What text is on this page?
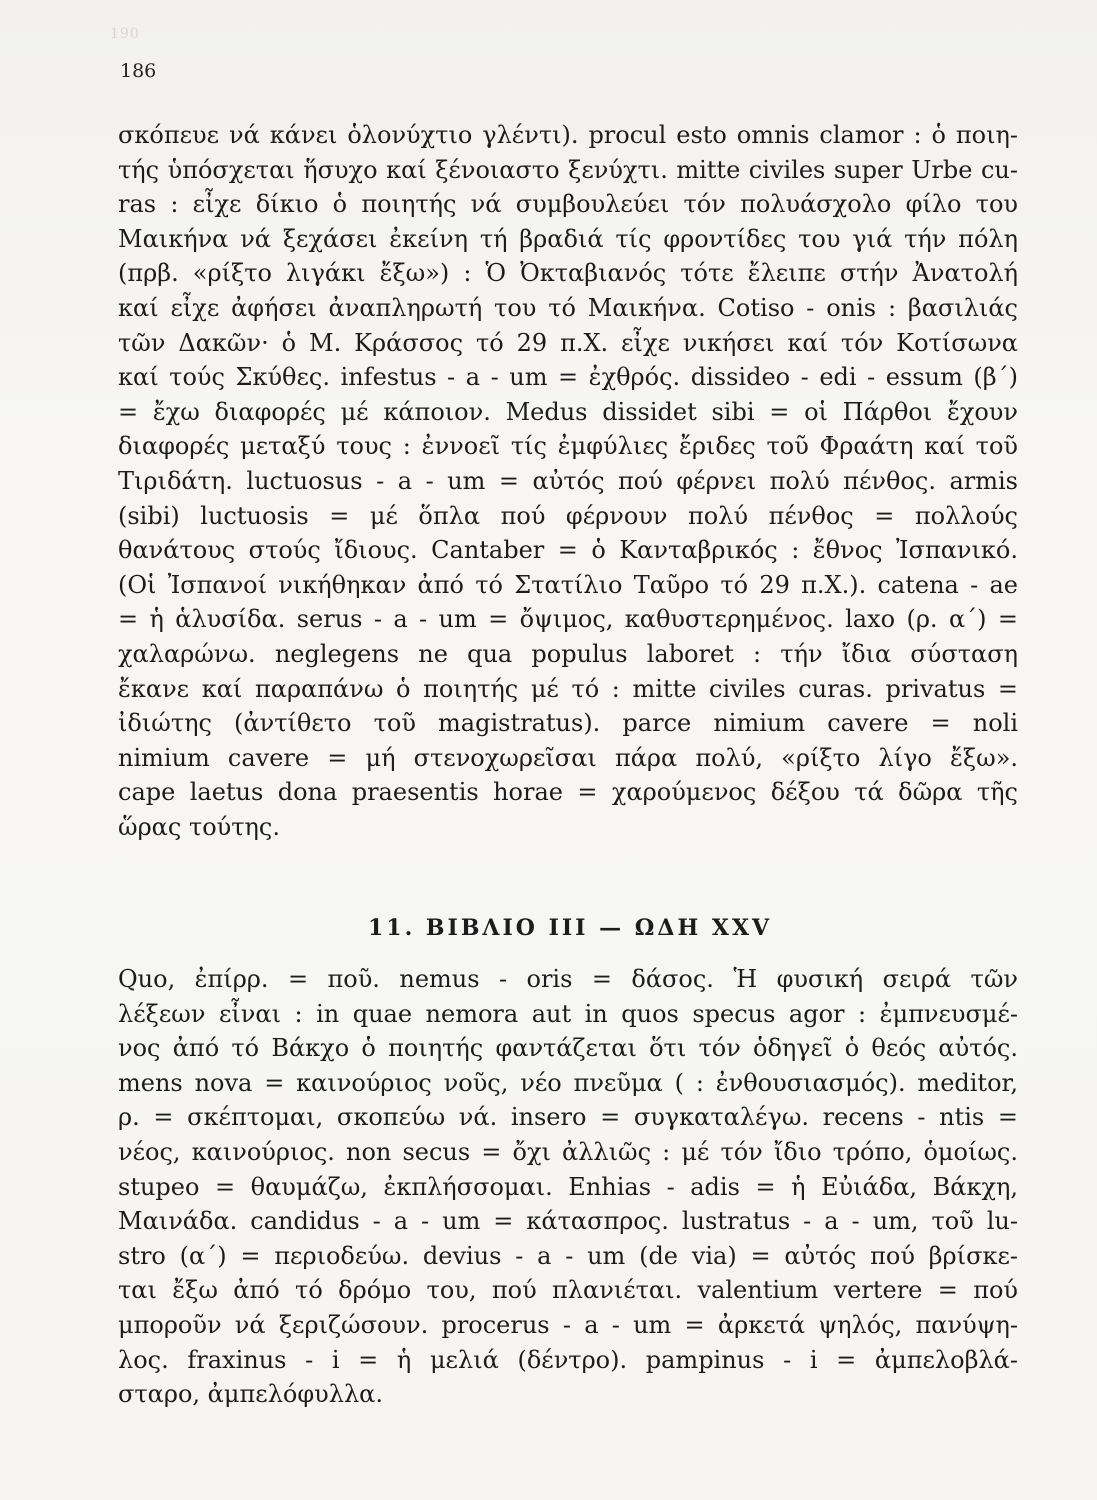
190
186
σκόπευε νά κάνει ὁλονύχτιο γλέντι). procul esto omnis clamor : ὁ ποιη-
τής ὑπόσχεται ἥσυχο καί ξένοιαστο ξενύχτι. mitte civiles super Urbe cu-
ras : εἶχε δίκιο ὁ ποιητής νά συμβουλεύει τόν πολυάσχολο φίλο του
Μαικήνα νά ξεχάσει ἐκείνη τή βραδιά τίς φροντίδες του γιά τήν πόλη
(πρβ. «ρίξτο λιγάκι ἔξω») : Ὁ Ὀκταβιανός τότε ἔλειπε στήν Ἀνατολή
καί εἶχε ἀφήσει ἀναπληρωτή του τό Μαικήνα. Cotiso - onis : βασιλιάς
τῶν Δακῶν· ὁ Μ. Κράσσος τό 29 π.Χ. εἶχε νικήσει καί τόν Κοτίσωνα
καί τούς Σκύθες. infestus - a - um = ἐχθρός. dissideo - edi - essum (β΄)
= ἔχω διαφορές μέ κάποιον. Medus dissidet sibi = οἱ Πάρθοι ἔχουν
διαφορές μεταξύ τους : ἐννοεῖ τίς ἐμφύλιες ἔριδες τοῦ Φραάτη καί τοῦ
Τιριδάτη. luctuosus - a - um = αὐτός πού φέρνει πολύ πένθος. armis
(sibi) luctuosis = μέ ὅπλα πού φέρνουν πολύ πένθος = πολλούς
θανάτους στούς ἴδιους. Cantaber = ὁ Κανταβρικός : ἔθνος Ἰσπανικό.
(Οἱ Ἰσπανοί νικήθηκαν ἀπό τό Στατίλιο Ταῦρο τό 29 π.Χ.). catena - ae
= ἡ ἁλυσίδα. serus - a - um = ὄψιμος, καθυστερημένος. laxo (ρ. α΄) =
χαλαρώνω. neglegens ne qua populus laboret : τήν ἴδια σύσταση
ἔκανε καί παραπάνω ὁ ποιητής μέ τό : mitte civiles curas. privatus =
ἰδιώτης (ἀντίθετο τοῦ magistratus). parce nimium cavere = noli
nimium cavere = μή στενοχωρεῖσαι πάρα πολύ, «ρίξτο λίγο ἔξω».
cape laetus dona praesentis horae = χαρούμενος δέξου τά δῶρα τῆς
ὥρας τούτης.
11. ΒΙΒΛΙΟ III — ΩΔΗ XXV
Quo, ἐπίρρ. = ποῦ. nemus - oris = δάσος. Ἡ φυσική σειρά τῶν
λέξεων εἶναι : in quae nemora aut in quos specus agor : ἐμπνευσμέ-
νος ἀπό τό Βάκχο ὁ ποιητής φαντάζεται ὅτι τόν ὁδηγεῖ ὁ θεός αὐτός.
mens nova = καινούριος νοῦς, νέο πνεῦμα ( : ἐνθουσιασμός). meditor,
ρ. = σκέπτομαι, σκοπεύω νά. insero = συγκαταλέγω. recens - ntis =
νέος, καινούριος. non secus = ὄχι ἀλλιῶς : μέ τόν ἴδιο τρόπο, ὁμοίως.
stupeo = θαυμάζω, ἐκπλήσσομαι. Enhias - adis = ἡ Εὐιάδα, Βάκχη,
Μαινάδα. candidus - a - um = κάτασπρος. lustratus - a - um, τοῦ lu-
stro (α΄) = περιοδεύω. devius - a - um (de via) = αὐτός πού βρίσκε-
ται ἔξω ἀπό τό δρόμο του, πού πλανιέται. valentium vertere = πού
μποροῦν νά ξεριζώσουν. procerus - a - um = ἀρκετά ψηλός, πανύψη-
λος. fraxinus - i = ἡ μελιά (δέντρο). pampinus - i = ἀμπελοβλά-
σταρο, ἀμπελόφυλλα.
